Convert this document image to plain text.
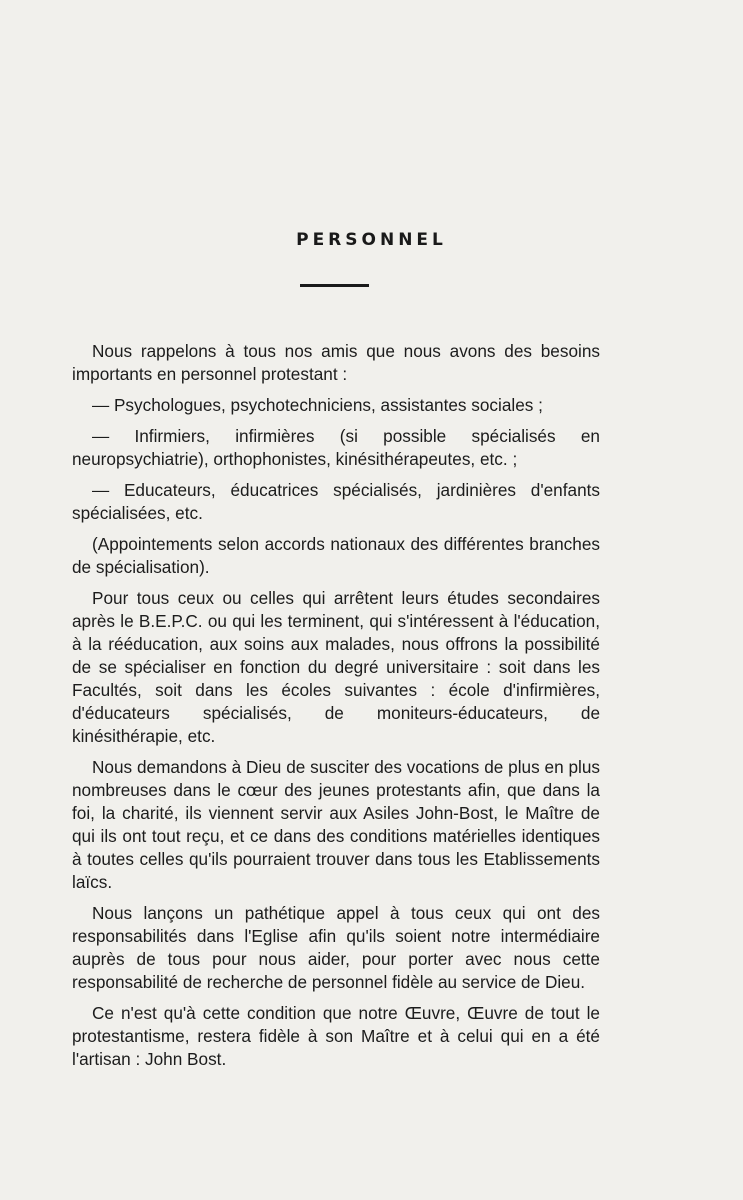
PERSONNEL

Nous rappelons à tous nos amis que nous avons des besoins importants en personnel protestant :

— Psychologues, psychotechniciens, assistantes sociales ;

— Infirmiers, infirmières (si possible spécialisés en neuropsychiatrie), orthophonistes, kinésithérapeutes, etc. ;

— Educateurs, éducatrices spécialisés, jardinières d'enfants spécialisées, etc.

(Appointements selon accords nationaux des différentes branches de spécialisation).

Pour tous ceux ou celles qui arrêtent leurs études secondaires après le B.E.P.C. ou qui les terminent, qui s'intéressent à l'éducation, à la rééducation, aux soins aux malades, nous offrons la possibilité de se spécialiser en fonction du degré universitaire : soit dans les Facultés, soit dans les écoles suivantes : école d'infirmières, d'éducateurs spécialisés, de moniteurs-éducateurs, de kinésithérapie, etc.

Nous demandons à Dieu de susciter des vocations de plus en plus nombreuses dans le cœur des jeunes protestants afin, que dans la foi, la charité, ils viennent servir aux Asiles John-Bost, le Maître de qui ils ont tout reçu, et ce dans des conditions matérielles identiques à toutes celles qu'ils pourraient trouver dans tous les Etablissements laïcs.

Nous lançons un pathétique appel à tous ceux qui ont des responsabilités dans l'Eglise afin qu'ils soient notre intermédiaire auprès de tous pour nous aider, pour porter avec nous cette responsabilité de recherche de personnel fidèle au service de Dieu.

Ce n'est qu'à cette condition que notre Œuvre, Œuvre de tout le protestantisme, restera fidèle à son Maître et à celui qui en a été l'artisan : John Bost.
